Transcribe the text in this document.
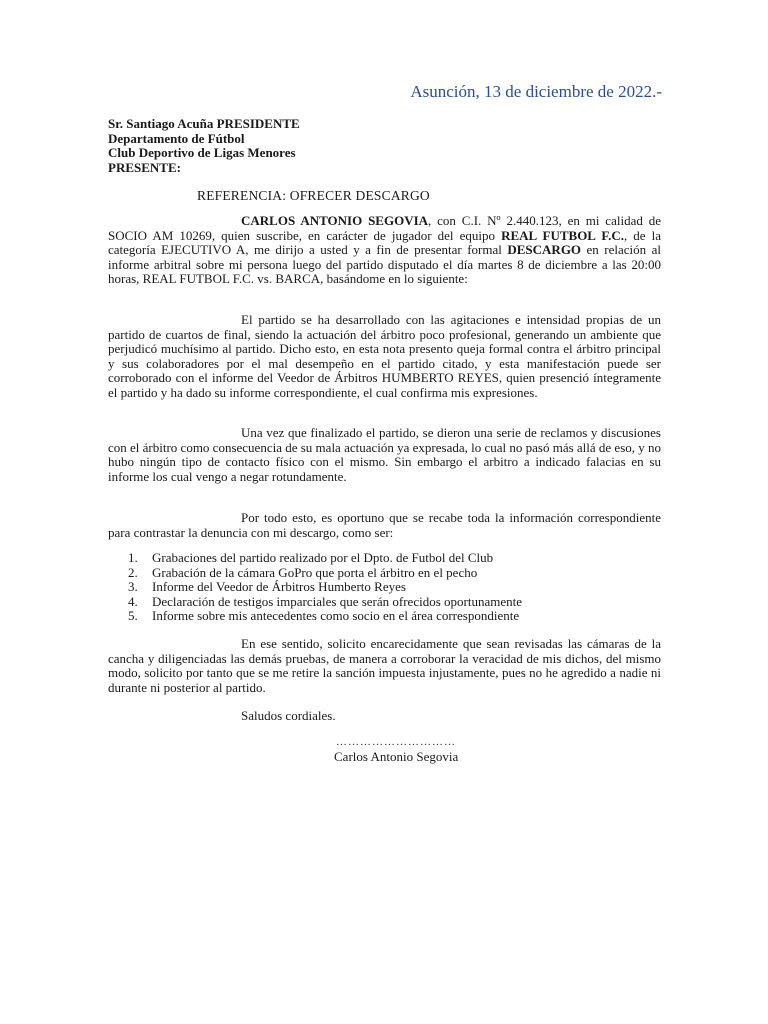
Asunción, 13 de diciembre de 2022.-
Sr. Santiago Acuña PRESIDENTE
Departamento de Fútbol
Club Deportivo de Ligas Menores
PRESENTE:
REFERENCIA: OFRECER DESCARGO

CARLOS ANTONIO SEGOVIA, con C.I. Nº 2.440.123, en mi calidad de SOCIO AM 10269, quien suscribe, en carácter de jugador del equipo REAL FUTBOL F.C., de la categoría EJECUTIVO A, me dirijo a usted y a fin de presentar formal DESCARGO en relación al informe arbitral sobre mi persona luego del partido disputado el día martes 8 de diciembre a las 20:00 horas, REAL FUTBOL F.C. vs. BARCA, basándome en lo siguiente:

El partido se ha desarrollado con las agitaciones e intensidad propias de un partido de cuartos de final, siendo la actuación del árbitro poco profesional, generando un ambiente que perjudicó muchísimo al partido. Dicho esto, en esta nota presento queja formal contra el árbitro principal y sus colaboradores por el mal desempeño en el partido citado, y esta manifestación puede ser corroborado con el informe del Veedor de Árbitros HUMBERTO REYES, quien presenció íntegramente el partido y ha dado su informe correspondiente, el cual confirma mis expresiones.

Una vez que finalizado el partido, se dieron una serie de reclamos y discusiones con el árbitro como consecuencia de su mala actuación ya expresada, lo cual no pasó más allá de eso, y no hubo ningún tipo de contacto físico con el mismo. Sin embargo el arbitro a indicado falacias en su informe los cual vengo a negar rotundamente.

Por todo esto, es oportuno que se recabe toda la información correspondiente para contrastar la denuncia con mi descargo, como ser:

1. Grabaciones del partido realizado por el Dpto. de Futbol del Club
2. Grabación de la cámara GoPro que porta el árbitro en el pecho
3. Informe del Veedor de Árbitros Humberto Reyes
4. Declaración de testigos imparciales que serán ofrecidos oportunamente
5. Informe sobre mis antecedentes como socio en el área correspondiente

En ese sentido, solicito encarecidamente que sean revisadas las cámaras de la cancha y diligenciadas las demás pruebas, de manera a corroborar la veracidad de mis dichos, del mismo modo, solicito por tanto que se me retire la sanción impuesta injustamente, pues no he agredido a nadie ni durante ni posterior al partido.

Saludos cordiales.
…………………………
Carlos Antonio Segovia
